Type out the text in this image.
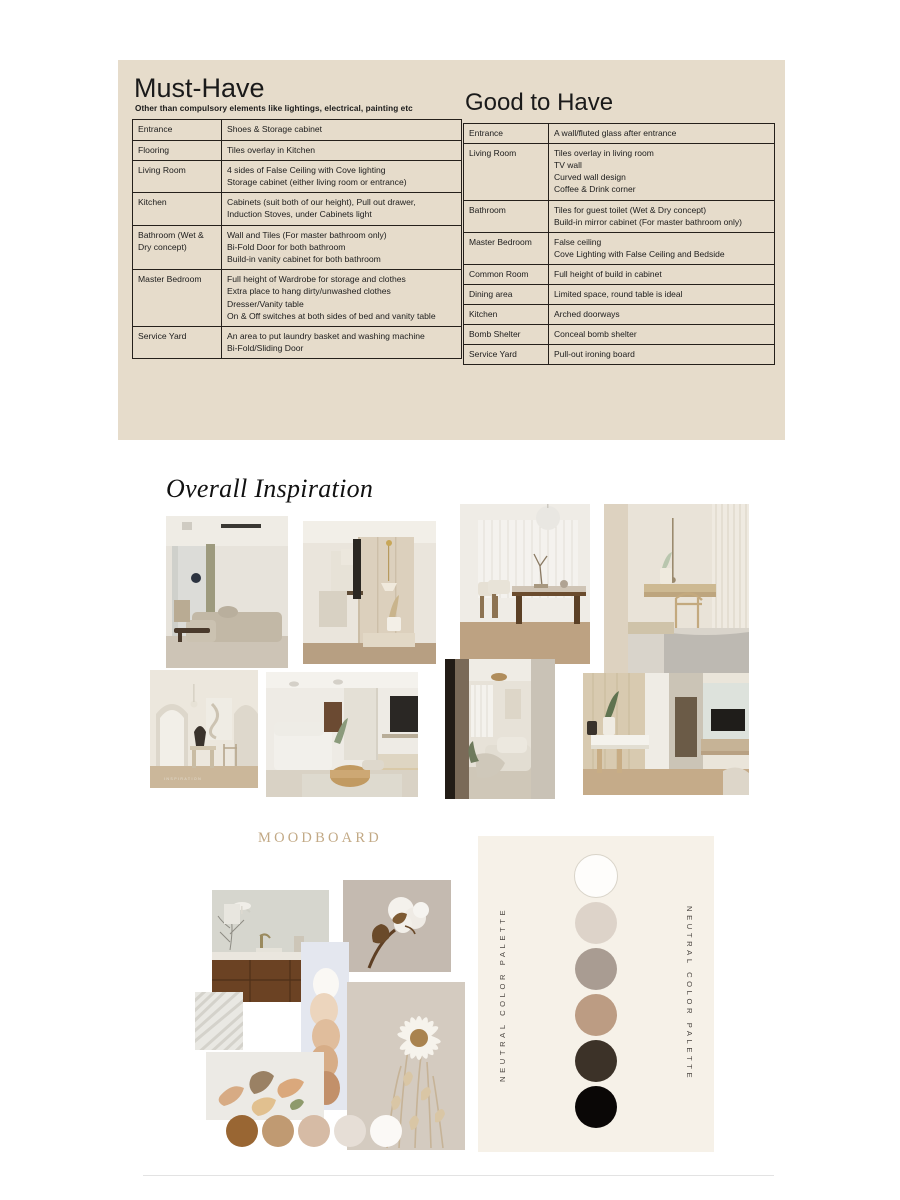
Must-Have
Other than compulsory elements like lightings, electrical, painting etc
Entrance	Shoes & Storage cabinet

Flooring	Tiles overlay in Kitchen

Living Room	4 sides of False Ceiling with Cove lighting
Storage cabinet (either living room or entrance)

Kitchen	Cabinets (suit both of our height), Pull out drawer,
Induction Stoves, under Cabinets light

Bathroom (Wet & Dry concept)	Wall and Tiles (For master bathroom only)
Bi-Fold Door for both bathroom
Build-in vanity cabinet for both bathroom

Master Bedroom	Full height of Wardrobe for storage and clothes
Extra place to hang dirty/unwashed clothes
Dresser/Vanity table
On & Off switches at both sides of bed and vanity table

Service Yard	An area to put laundry basket and washing machine
Bi-Fold/Sliding Door
Good to Have
Entrance	A wall/fluted glass after entrance

Living Room	Tiles overlay in living room
TV wall
Curved wall design
Coffee & Drink corner

Bathroom	Tiles for guest toilet (Wet & Dry concept)
Build-in mirror cabinet (For master bathroom only)

Master Bedroom	False ceiling
Cove Lighting with False Ceiling and Bedside

Common Room	Full height of build in cabinet

Dining area	Limited space, round table is ideal

Kitchen	Arched doorways

Bomb Shelter	Conceal bomb shelter

Service Yard	Pull-out ironing board
Overall Inspiration
INSPIRATION
MOODBOARD
NEUTRAL COLOR PALETTE	NEUTRAL COLOR PALETTE
